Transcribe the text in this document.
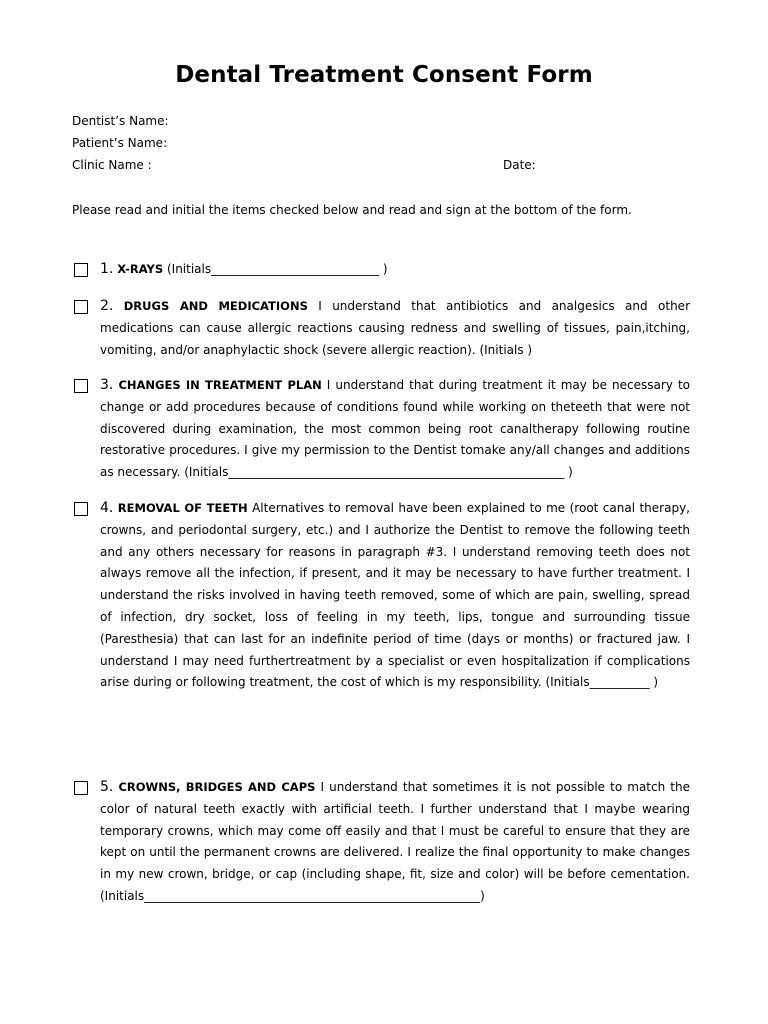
Dental Treatment Consent Form
Dentist’s Name:
Patient’s Name:
Clinic Name :	Date:
Please read and initial the items checked below and read and sign at the bottom of the form.
1. X-RAYS (Initials____________________________ )
2. DRUGS AND MEDICATIONS I understand that antibiotics and analgesics and other medications can cause allergic reactions causing redness and swelling of tissues, pain,itching, vomiting, and/or anaphylactic shock (severe allergic reaction). (Initials )
3. CHANGES IN TREATMENT PLAN I understand that during treatment it may be necessary to change or add procedures because of conditions found while working on theteeth that were not discovered during examination, the most common being root canaltherapy following routine restorative procedures. I give my permission to the Dentist tomake any/all changes and additions as necessary. (Initials________________________________________________________ )
4. REMOVAL OF TEETH Alternatives to removal have been explained to me (root canal therapy, crowns, and periodontal surgery, etc.) and I authorize the Dentist to remove the following teeth and any others necessary for reasons in paragraph #3. I understand removing teeth does not always remove all the infection, if present, and it may be necessary to have further treatment. I understand the risks involved in having teeth removed, some of which are pain, swelling, spread of infection, dry socket, loss of feeling in my teeth, lips, tongue and surrounding tissue (Paresthesia) that can last for an indefinite period of time (days or months) or fractured jaw. I understand I may need furthertreatment by a specialist or even hospitalization if complications arise during or following treatment, the cost of which is my responsibility. (Initials__________ )
5. CROWNS, BRIDGES AND CAPS I understand that sometimes it is not possible to match the color of natural teeth exactly with artificial teeth. I further understand that I maybe wearing temporary crowns, which may come off easily and that I must be careful to ensure that they are kept on until the permanent crowns are delivered. I realize the final opportunity to make changes in my new crown, bridge, or cap (including shape, fit, size and color) will be before cementation. (Initials________________________________________________________)
